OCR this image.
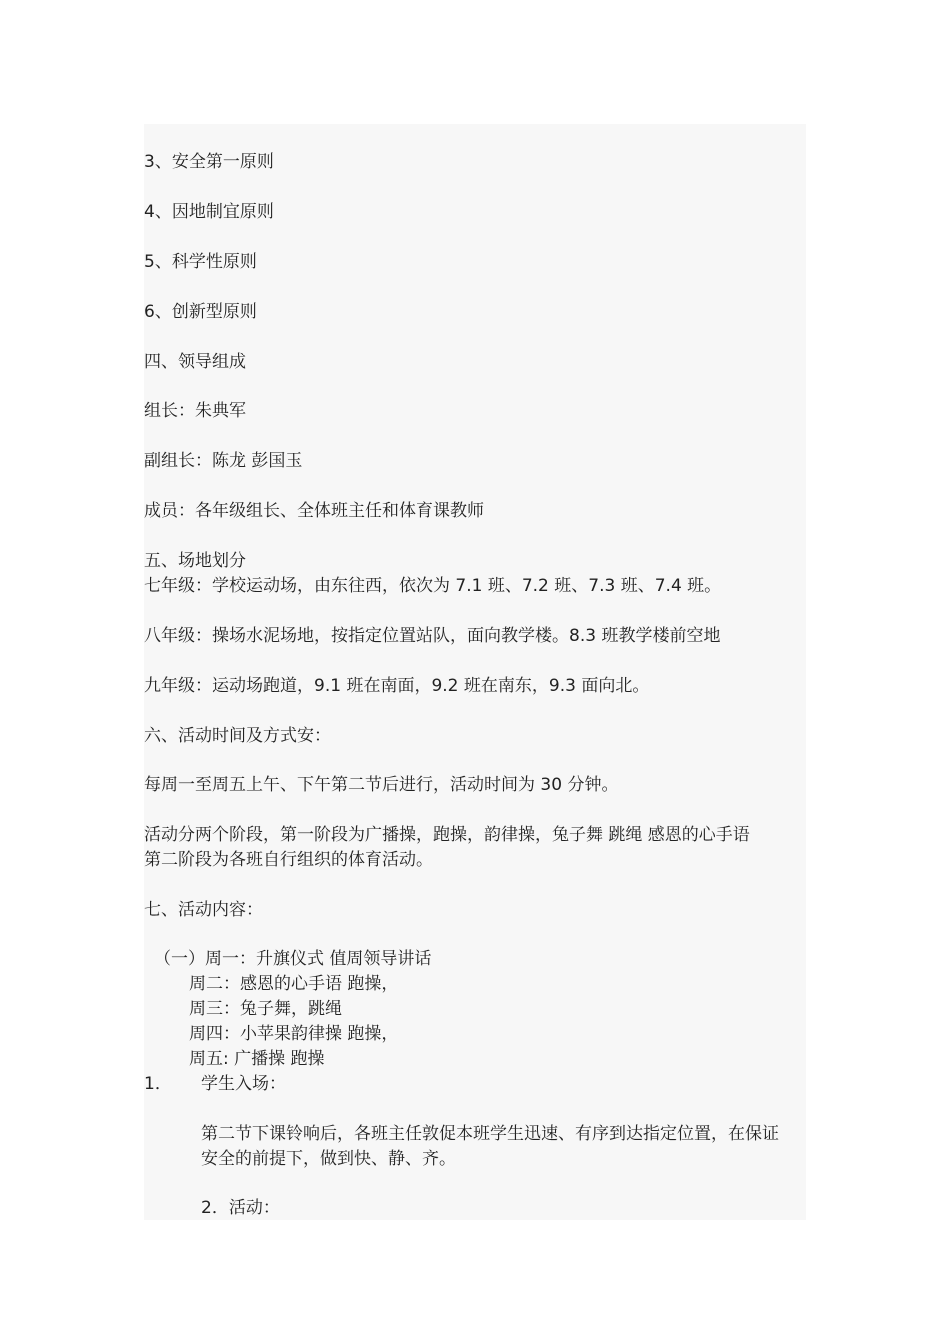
3、安全第一原则
4、因地制宜原则
5、科学性原则
6、创新型原则
四、领导组成
组长：朱典军
副组长：陈龙 彭国玉
成员：各年级组长、全体班主任和体育课教师
五、场地划分
七年级：学校运动场，由东往西，依次为 7.1 班、7.2 班、7.3 班、7.4 班。
八年级：操场水泥场地，按指定位置站队，面向教学楼。8.3 班教学楼前空地
九年级：运动场跑道，9.1 班在南面，9.2 班在南东，9.3 面向北。
六、活动时间及方式安：
每周一至周五上午、下午第二节后进行，活动时间为 30 分钟。
活动分两个阶段，第一阶段为广播操，跑操，韵律操，兔子舞 跳绳 感恩的心手语
第二阶段为各班自行组织的体育活动。
七、活动内容：
（一）周一：升旗仪式 值周领导讲话
周二：感恩的心手语 跑操，
周三：兔子舞，跳绳
周四：小苹果韵律操 跑操，
周五: 广播操 跑操
1． 学生入场：
第二节下课铃响后，各班主任敦促本班学生迅速、有序到达指定位置，在保证
安全的前提下，做到快、静、齐。
2．活动：
